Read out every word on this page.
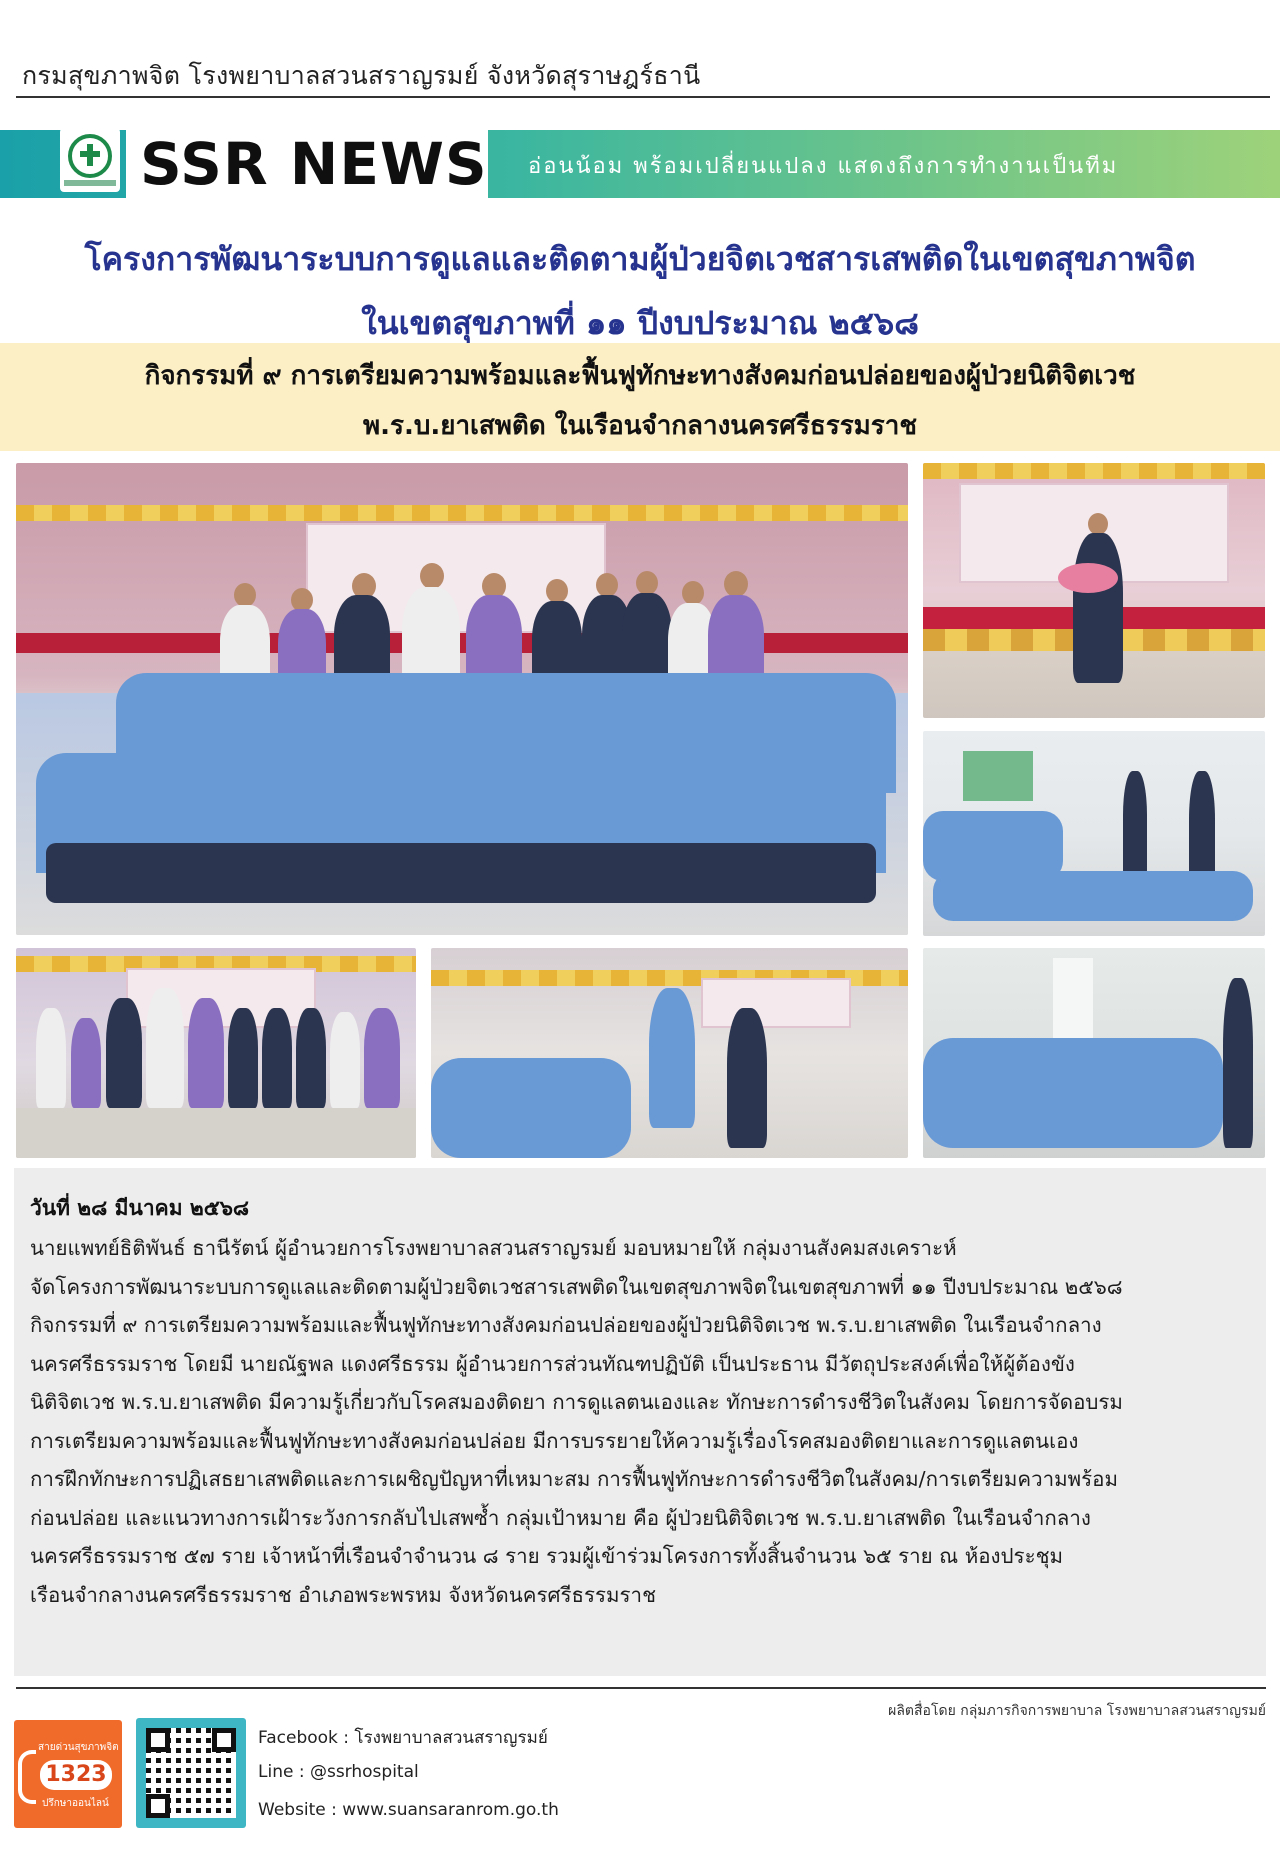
กรมสุขภาพจิต โรงพยาบาลสวนสราญรมย์ จังหวัดสุราษฎร์ธานี
SSR NEWS อ่อนน้อม พร้อมเปลี่ยนแปลง แสดงถึงการทำงานเป็นทีม
โครงการพัฒนาระบบการดูแลและติดตามผู้ป่วยจิตเวชสารเสพติดในเขตสุขภาพจิต
ในเขตสุขภาพที่ ๑๑ ปีงบประมาณ ๒๕๖๘
กิจกรรมที่ ๙ การเตรียมความพร้อมและฟื้นฟูทักษะทางสังคมก่อนปล่อยของผู้ป่วยนิติจิตเวช
พ.ร.บ.ยาเสพติด ในเรือนจำกลางนครศรีธรรมราช
วันที่ ๒๘ มีนาคม ๒๕๖๘
นายแพทย์ธิติพันธ์ ธานีรัตน์ ผู้อำนวยการโรงพยาบาลสวนสราญรมย์ มอบหมายให้ กลุ่มงานสังคมสงเคราะห์
จัดโครงการพัฒนาระบบการดูแลและติดตามผู้ป่วยจิตเวชสารเสพติดในเขตสุขภาพจิตในเขตสุขภาพที่ ๑๑ ปีงบประมาณ ๒๕๖๘
กิจกรรมที่ ๙ การเตรียมความพร้อมและฟื้นฟูทักษะทางสังคมก่อนปล่อยของผู้ป่วยนิติจิตเวช พ.ร.บ.ยาเสพติด ในเรือนจำกลาง
นครศรีธรรมราช โดยมี นายณัฐพล แดงศรีธรรม ผู้อำนวยการส่วนทัณฑปฏิบัติ เป็นประธาน มีวัตถุประสงค์เพื่อให้ผู้ต้องขัง
นิติจิตเวช พ.ร.บ.ยาเสพติด มีความรู้เกี่ยวกับโรคสมองติดยา การดูแลตนเองและ ทักษะการดำรงชีวิตในสังคม โดยการจัดอบรม
การเตรียมความพร้อมและฟื้นฟูทักษะทางสังคมก่อนปล่อย มีการบรรยายให้ความรู้เรื่องโรคสมองติดยาและการดูแลตนเอง
การฝึกทักษะการปฏิเสธยาเสพติดและการเผชิญปัญหาที่เหมาะสม การฟื้นฟูทักษะการดำรงชีวิตในสังคม/การเตรียมความพร้อม
ก่อนปล่อย และแนวทางการเฝ้าระวังการกลับไปเสพซ้ำ กลุ่มเป้าหมาย คือ ผู้ป่วยนิติจิตเวช พ.ร.บ.ยาเสพติด ในเรือนจำกลาง
นครศรีธรรมราช ๕๗ ราย เจ้าหน้าที่เรือนจำจำนวน ๘ ราย รวมผู้เข้าร่วมโครงการทั้งสิ้นจำนวน ๖๕ ราย ณ ห้องประชุม
เรือนจำกลางนครศรีธรรมราช อำเภอพระพรหม จังหวัดนครศรีธรรมราช
ผลิตสื่อโดย กลุ่มภารกิจการพยาบาล โรงพยาบาลสวนสราญรมย์
สายด่วนสุขภาพจิต
1323
ปรึกษาออนไลน์
Facebook : โรงพยาบาลสวนสราญรมย์
Line : @ssrhospital
Website : www.suansaranrom.go.th
